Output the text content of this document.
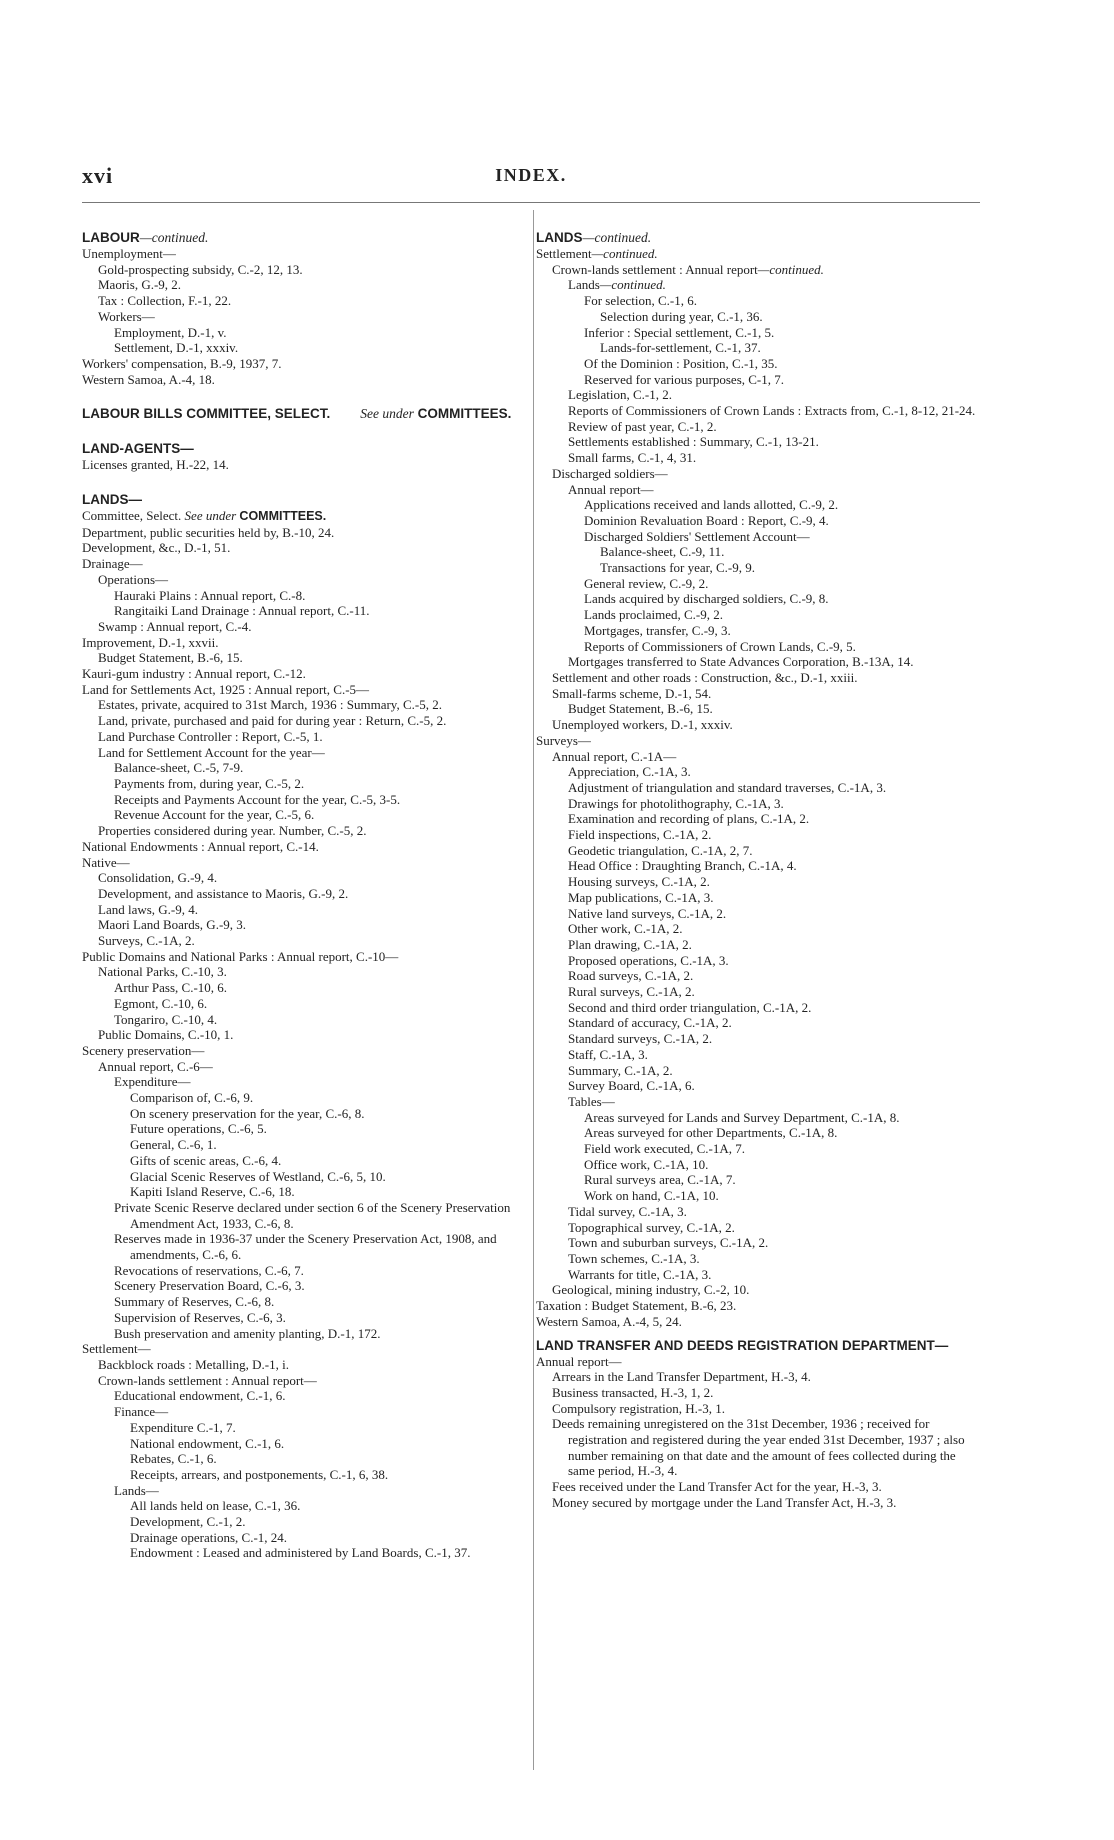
xvi	INDEX.
LABOUR—continued.
Unemployment—
Gold-prospecting subsidy, C.-2, 12, 13.
Maoris, G.-9, 2.
Tax : Collection, F.-1, 22.
Workers—
Employment, D.-1, v.
Settlement, D.-1, xxxiv.
Workers' compensation, B.-9, 1937, 7.
Western Samoa, A.-4, 18.
LABOUR BILLS COMMITTEE, SELECT. See under COMMITTEES.
LAND-AGENTS—
Licenses granted, H.-22, 14.
LANDS—
Committee, Select. See under COMMITTEES.
Department, public securities held by, B.-10, 24.
Development, &c., D.-1, 51.
Drainage—
Operations—
Hauraki Plains : Annual report, C.-8.
Rangitaiki Land Drainage : Annual report, C.-11.
Swamp : Annual report, C.-4.
Improvement, D.-1, xxvii.
Budget Statement, B.-6, 15.
Kauri-gum industry : Annual report, C.-12.
Land for Settlements Act, 1925 : Annual report, C.-5—
Estates, private, acquired to 31st March, 1936 : Summary, C.-5, 2.
Land, private, purchased and paid for during year : Return, C.-5, 2.
Land Purchase Controller : Report, C.-5, 1.
Land for Settlement Account for the year—
Balance-sheet, C.-5, 7-9.
Payments from, during year, C.-5, 2.
Receipts and Payments Account for the year, C.-5, 3-5.
Revenue Account for the year, C.-5, 6.
Properties considered during year. Number, C.-5, 2.
National Endowments : Annual report, C.-14.
Native—
Consolidation, G.-9, 4.
Development, and assistance to Maoris, G.-9, 2.
Land laws, G.-9, 4.
Maori Land Boards, G.-9, 3.
Surveys, C.-1A, 2.
Public Domains and National Parks : Annual report, C.-10—
National Parks, C.-10, 3.
Arthur Pass, C.-10, 6.
Egmont, C.-10, 6.
Tongariro, C.-10, 4.
Public Domains, C.-10, 1.
Scenery preservation—
Annual report, C.-6—
Expenditure—
Comparison of, C.-6, 9.
On scenery preservation for the year, C.-6, 8.
Future operations, C.-6, 5.
General, C.-6, 1.
Gifts of scenic areas, C.-6, 4.
Glacial Scenic Reserves of Westland, C.-6, 5, 10.
Kapiti Island Reserve, C.-6, 18.
Private Scenic Reserve declared under section 6 of the Scenery Preservation Amendment Act, 1933, C.-6, 8.
Reserves made in 1936-37 under the Scenery Preservation Act, 1908, and amendments, C.-6, 6.
Revocations of reservations, C.-6, 7.
Scenery Preservation Board, C.-6, 3.
Summary of Reserves, C.-6, 8.
Supervision of Reserves, C.-6, 3.
Bush preservation and amenity planting, D.-1, 172.
Settlement—
Backblock roads : Metalling, D.-1, i.
Crown-lands settlement : Annual report—
Educational endowment, C.-1, 6.
Finance—
Expenditure C.-1, 7.
National endowment, C.-1, 6.
Rebates, C.-1, 6.
Receipts, arrears, and postponements, C.-1, 6, 38.
Lands—
All lands held on lease, C.-1, 36.
Development, C.-1, 2.
Drainage operations, C.-1, 24.
Endowment : Leased and administered by Land Boards, C.-1, 37.
LANDS—continued.
Settlement—continued.
Crown-lands settlement : Annual report—continued.
Lands—continued.
For selection, C.-1, 6.
Selection during year, C.-1, 36.
Inferior : Special settlement, C.-1, 5.
Lands-for-settlement, C.-1, 37.
Of the Dominion : Position, C.-1, 35.
Reserved for various purposes, C-1, 7.
Legislation, C.-1, 2.
Reports of Commissioners of Crown Lands : Extracts from, C.-1, 8-12, 21-24.
Review of past year, C.-1, 2.
Settlements established : Summary, C.-1, 13-21.
Small farms, C.-1, 4, 31.
Discharged soldiers—
Annual report—
Applications received and lands allotted, C.-9, 2.
Dominion Revaluation Board : Report, C.-9, 4.
Discharged Soldiers' Settlement Account—
Balance-sheet, C.-9, 11.
Transactions for year, C.-9, 9.
General review, C.-9, 2.
Lands acquired by discharged soldiers, C.-9, 8.
Lands proclaimed, C.-9, 2.
Mortgages, transfer, C.-9, 3.
Reports of Commissioners of Crown Lands, C.-9, 5.
Mortgages transferred to State Advances Corporation, B.-13A, 14.
Settlement and other roads : Construction, &c., D.-1, xxiii.
Small-farms scheme, D.-1, 54.
Budget Statement, B.-6, 15.
Unemployed workers, D.-1, xxxiv.
Surveys—
Annual report, C.-1A—
Appreciation, C.-1A, 3.
Adjustment of triangulation and standard traverses, C.-1A, 3.
Drawings for photolithography, C.-1A, 3.
Examination and recording of plans, C.-1A, 2.
Field inspections, C.-1A, 2.
Geodetic triangulation, C.-1A, 2, 7.
Head Office : Draughting Branch, C.-1A, 4.
Housing surveys, C.-1A, 2.
Map publications, C.-1A, 3.
Native land surveys, C.-1A, 2.
Other work, C.-1A, 2.
Plan drawing, C.-1A, 2.
Proposed operations, C.-1A, 3.
Road surveys, C.-1A, 2.
Rural surveys, C.-1A, 2.
Second and third order triangulation, C.-1A, 2.
Standard of accuracy, C.-1A, 2.
Standard surveys, C.-1A, 2.
Staff, C.-1A, 3.
Summary, C.-1A, 2.
Survey Board, C.-1A, 6.
Tables—
Areas surveyed for Lands and Survey Department, C.-1A, 8.
Areas surveyed for other Departments, C.-1A, 8.
Field work executed, C.-1A, 7.
Office work, C.-1A, 10.
Rural surveys area, C.-1A, 7.
Work on hand, C.-1A, 10.
Tidal survey, C.-1A, 3.
Topographical survey, C.-1A, 2.
Town and suburban surveys, C.-1A, 2.
Town schemes, C.-1A, 3.
Warrants for title, C.-1A, 3.
Geological, mining industry, C.-2, 10.
Taxation : Budget Statement, B.-6, 23.
Western Samoa, A.-4, 5, 24.
LAND TRANSFER AND DEEDS REGISTRATION DEPARTMENT—
Annual report—
Arrears in the Land Transfer Department, H.-3, 4.
Business transacted, H.-3, 1, 2.
Compulsory registration, H.-3, 1.
Deeds remaining unregistered on the 31st December, 1936 ; received for registration and registered during the year ended 31st December, 1937 ; also number remaining on that date and the amount of fees collected during the same period, H.-3, 4.
Fees received under the Land Transfer Act for the year, H.-3, 3.
Money secured by mortgage under the Land Transfer Act, H.-3, 3.
